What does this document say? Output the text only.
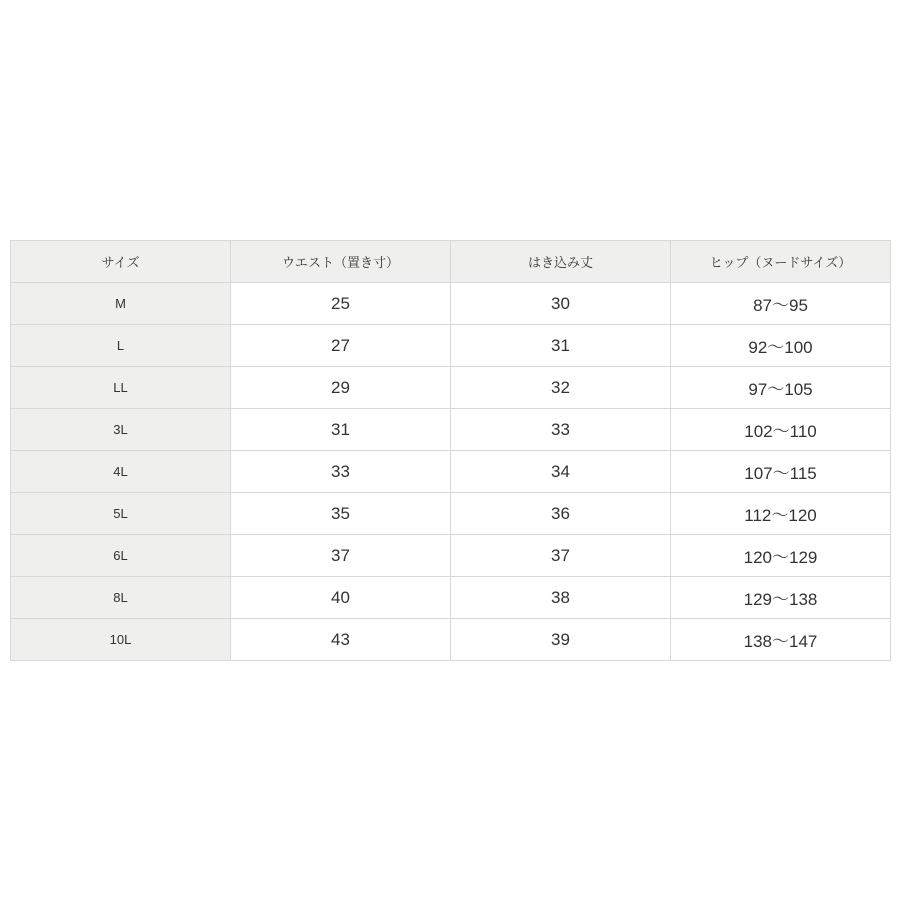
サイズ	ウエスト（置き寸）	はき込み丈	ヒップ（ヌードサイズ）
M	25	30	87～95
L	27	31	92～100
LL	29	32	97～105
3L	31	33	102～110
4L	33	34	107～115
5L	35	36	112～120
6L	37	37	120～129
8L	40	38	129～138
10L	43	39	138～147
